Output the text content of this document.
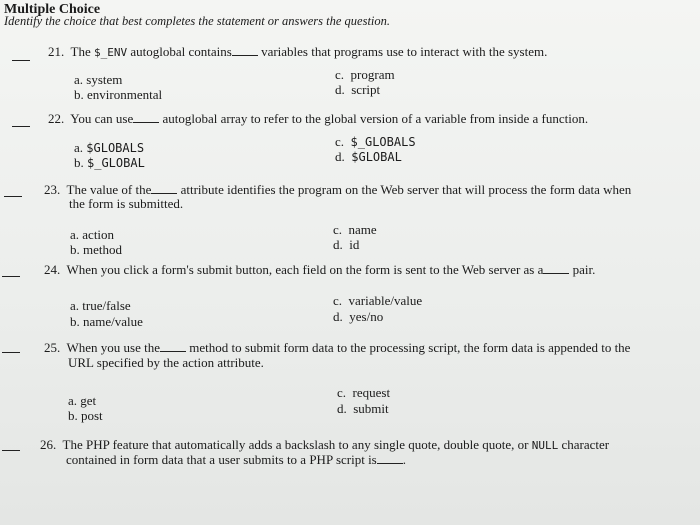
Multiple Choice
Identify the choice that best completes the statement or answers the question.
21. The $_ENV autoglobal contains variables that programs use to interact with the system.
a. system
b. environmental
c. program
d. script
22. You can use autoglobal array to refer to the global version of a variable from inside a function.
a. $GLOBALS
b. $_GLOBAL
c. $_GLOBALS
d. $GLOBAL
23. The value of the attribute identifies the program on the Web server that will process the form data when
the form is submitted.
a. action
b. method
c. name
d. id
24. When you click a form's submit button, each field on the form is sent to the Web server as a pair.
a. true/false
b. name/value
c. variable/value
d. yes/no
25. When you use the method to submit form data to the processing script, the form data is appended to the
URL specified by the action attribute.
a. get
b. post
c. request
d. submit
26. The PHP feature that automatically adds a backslash to any single quote, double quote, or NULL character
contained in form data that a user submits to a PHP script is .
